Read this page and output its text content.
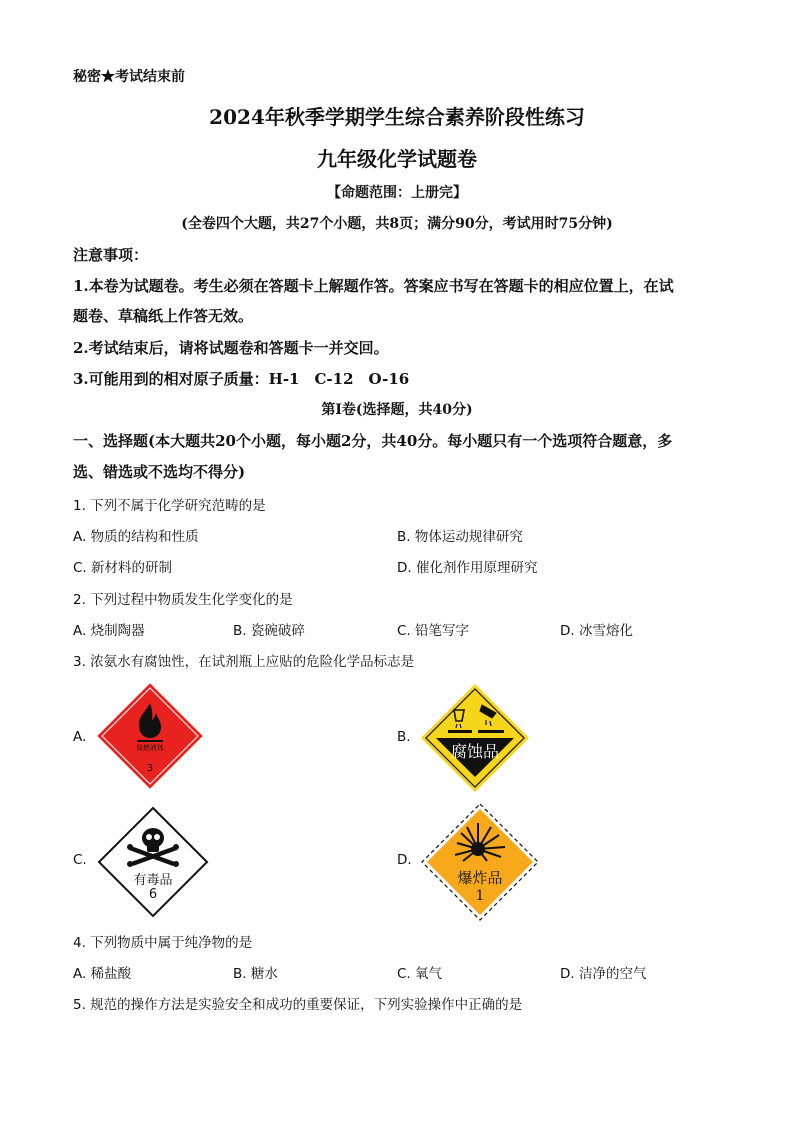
秘密★考试结束前
2024年秋季学期学生综合素养阶段性练习
九年级化学试题卷
【命题范围：上册完】
(全卷四个大题，共27个小题，共8页；满分90分，考试用时75分钟)
注意事项：
1.本卷为试题卷。考生必须在答题卡上解题作答。答案应书写在答题卡的相应位置上，在试
题卷、草稿纸上作答无效。
2.考试结束后，请将试题卷和答题卡一并交回。
3.可能用到的相对原子质量：H-1　C-12　O-16
第Ⅰ卷(选择题，共40分)
一、选择题(本大题共20个小题，每小题2分，共40分。每小题只有一个选项符合题意，多
选、错选或不选均不得分)
1. 下列不属于化学研究范畴的是
A. 物质的结构和性质	B. 物体运动规律研究
C. 新材料的研制	D. 催化剂作用原理研究
2. 下列过程中物质发生化学变化的是
A. 烧制陶器	B. 瓷碗破碎	C. 铅笔写字	D. 冰雪熔化
3. 浓氨水有腐蚀性，在试剂瓶上应贴的危险化学品标志是
A.	B.
C.	D.
易燃液体
3
腐蚀品
有毒品
6
爆炸品
1
4. 下列物质中属于纯净物的是
A. 稀盐酸	B. 糖水	C. 氧气	D. 洁净的空气
5. 规范的操作方法是实验安全和成功的重要保证，下列实验操作中正确的是
